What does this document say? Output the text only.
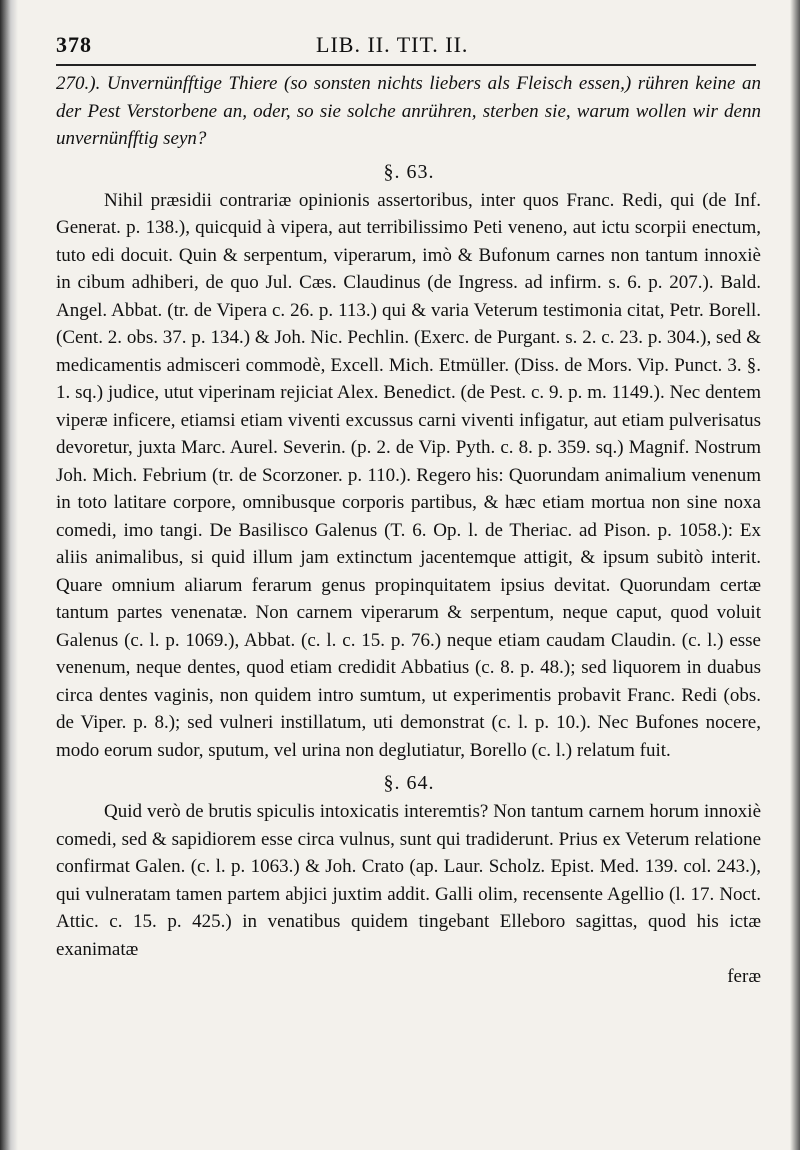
378	LIB. II. TIT. II.

270.). Unvernünfftige Thiere (so sonsten nichts liebers als Fleisch essen,) rühren keine an der Pest Verstorbene an, oder, so sie solche anrühren, sterben sie, warum wollen wir denn unvernünfftig seyn?

§. 63.

Nihil præsidii contrariæ opinionis assertoribus, inter quos Franc. Redi, qui (de Inf. Generat. p. 138.), quicquid à vipera, aut terribilissimo Peti veneno, aut ictu scorpii enectum, tuto edi docuit. Quin & serpentum, viperarum, imò & Bufonum carnes non tantum innoxiè in cibum adhiberi, de quo Jul. Cæs. Claudinus (de Ingress. ad infirm. s. 6. p. 207.). Bald. Angel. Abbat. (tr. de Vipera c. 26. p. 113.) qui & varia Veterum testimonia citat, Petr. Borell. (Cent. 2. obs. 37. p. 134.) & Joh. Nic. Pechlin. (Exerc. de Purgant. s. 2. c. 23. p. 304.), sed & medicamentis admisceri commodè, Excell. Mich. Etmüller. (Diss. de Mors. Vip. Punct. 3. §. 1. sq.) judice, utut viperinam rejiciat Alex. Benedict. (de Pest. c. 9. p. m. 1149.). Nec dentem viperæ inficere, etiamsi etiam viventi excussus carni viventi infigatur, aut etiam pulverisatus devoretur, juxta Marc. Aurel. Severin. (p. 2. de Vip. Pyth. c. 8. p. 359. sq.) Magnif. Nostrum Joh. Mich. Febrium (tr. de Scorzoner. p. 110.). Regero his: Quorundam animalium venenum in toto latitare corpore, omnibusque corporis partibus, & hæc etiam mortua non sine noxa comedi, imo tangi. De Basilisco Galenus (T. 6. Op. l. de Theriac. ad Pison. p. 1058.): Ex aliis animalibus, si quid illum jam extinctum jacentemque attigit, & ipsum subitò interit. Quare omnium aliarum ferarum genus propinquitatem ipsius devitat. Quorundam certæ tantum partes venenatæ. Non carnem viperarum & serpentum, neque caput, quod voluit Galenus (c. l. p. 1069.), Abbat. (c. l. c. 15. p. 76.) neque etiam caudam Claudin. (c. l.) esse venenum, neque dentes, quod etiam credidit Abbatius (c. 8. p. 48.); sed liquorem in duabus circa dentes vaginis, non quidem intro sumtum, ut experimentis probavit Franc. Redi (obs. de Viper. p. 8.); sed vulneri instillatum, uti demonstrat (c. l. p. 10.). Nec Bufones nocere, modo eorum sudor, sputum, vel urina non deglutiatur, Borello (c. l.) relatum fuit.

§. 64.

Quid verò de brutis spiculis intoxicatis interemtis? Non tantum carnem horum innoxiè comedi, sed & sapidiorem esse circa vulnus, sunt qui tradiderunt. Prius ex Veterum relatione confirmat Galen. (c. l. p. 1063.) & Joh. Crato (ap. Laur. Scholz. Epist. Med. 139. col. 243.), qui vulneratam tamen partem abjici juxtim addit. Galli olim, recensente Agellio (l. 17. Noct. Attic. c. 15. p. 425.) in venatibus quidem tingebant Elleboro sagittas, quod his ictæ exanimatæ

feræ
